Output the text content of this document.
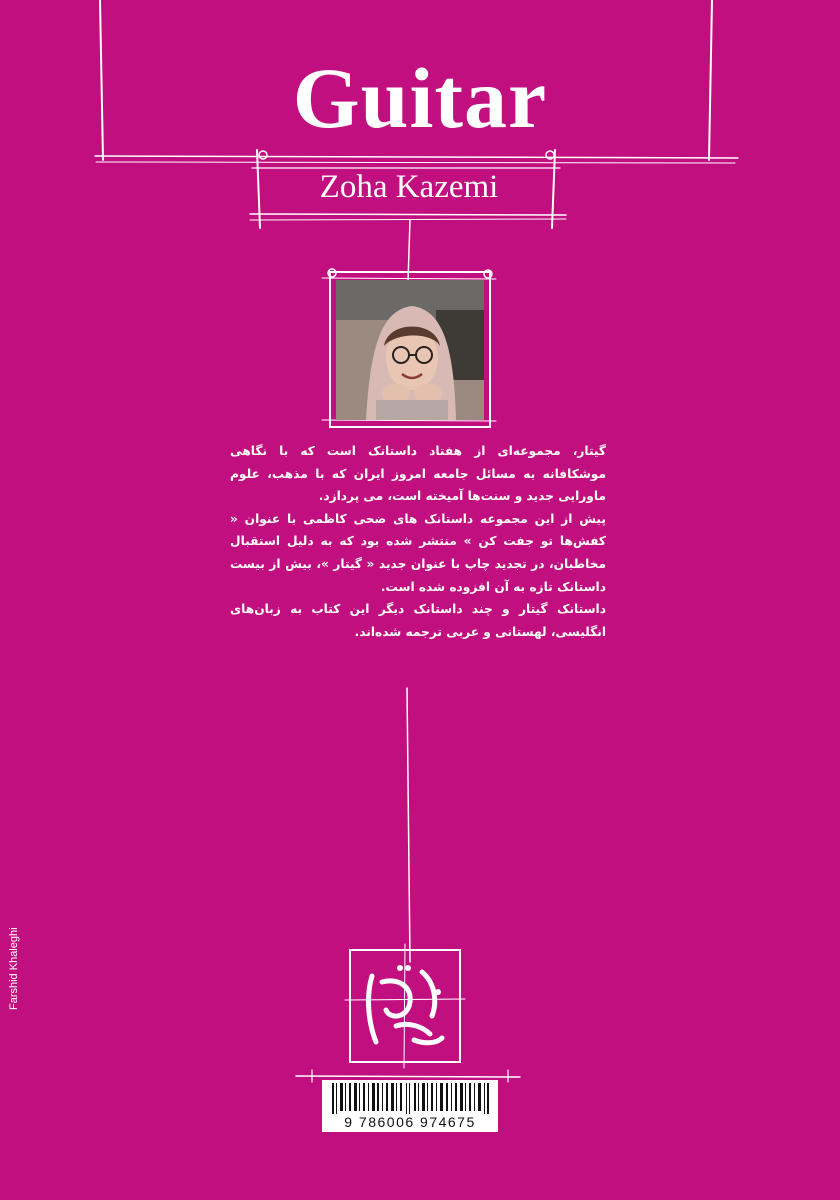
Guitar
Zoha Kazemi

گیتار، مجموعه‌ای از هفتاد داستانک است که با نگاهی موشکافانه به مسائل جامعه امروز ایران که با مذهب، علوم ماورایی جدید و سنت‌ها آمیخته است، می پردازد.

پیش از این مجموعه داستانک های ضحی کاظمی با عنوان « کفش‌ها تو جفت کن » منتشر شده بود که به دلیل استقبال مخاطبان، در تجدید چاپ با عنوان جدید « گیتار »، بیش از بیست داستانک تازه به آن افزوده شده است.

داستانک گیتار و چند داستانک دیگر این کتاب به زبان‌های انگلیسی، لهستانی و عربی ترجمه شده‌اند.

Farshid Khaleghi
9 786006 974675
